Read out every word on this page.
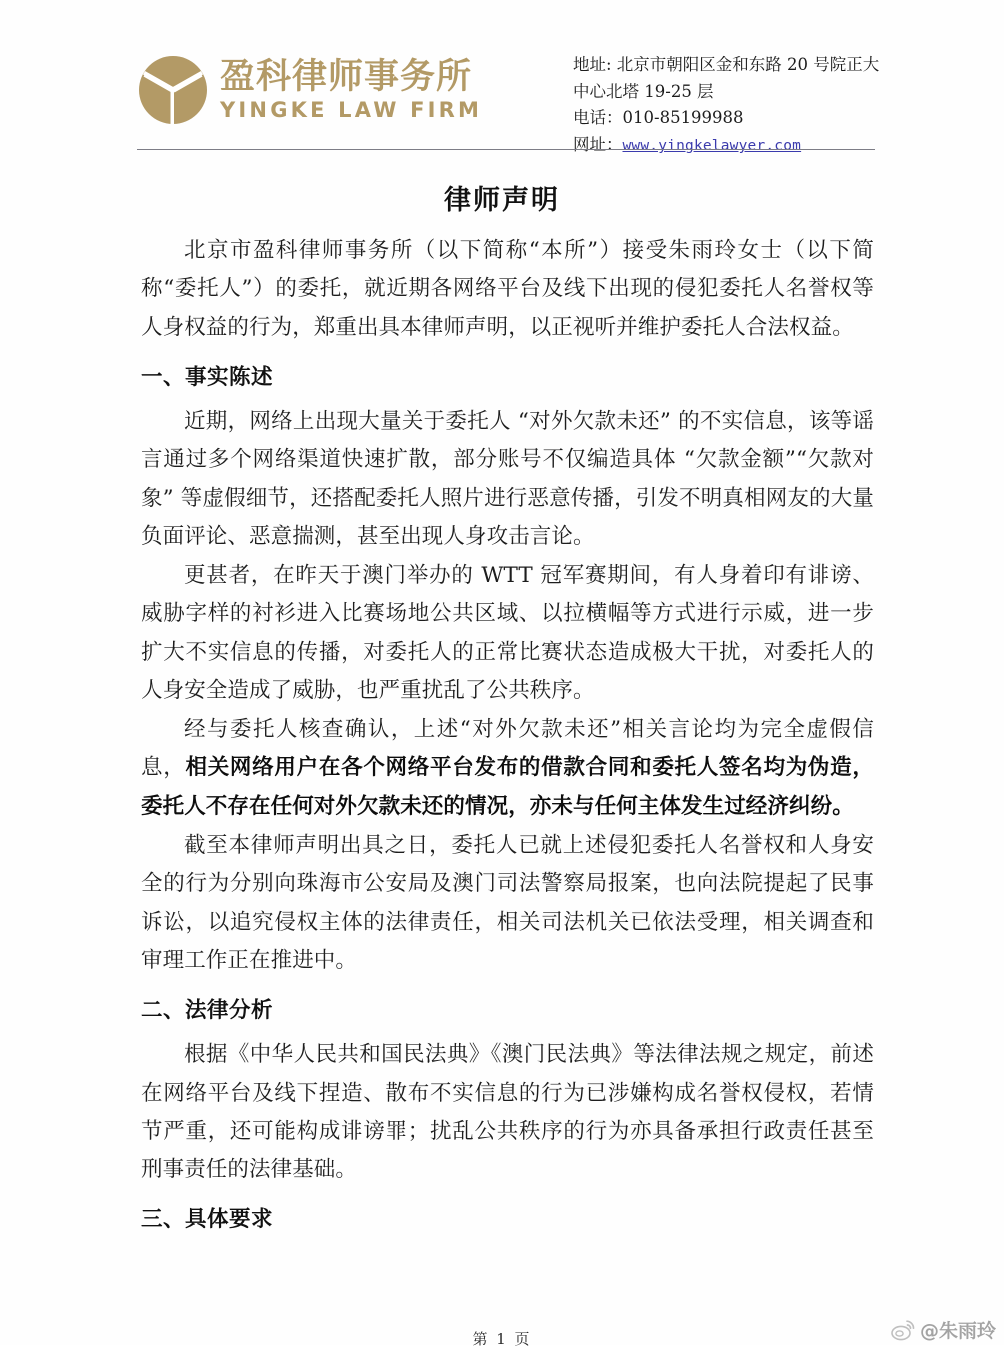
盈科律师事务所
YINGKE LAW FIRM
地址: 北京市朝阳区金和东路 20 号院正大
中心北塔 19-25 层
电话：010-85199988
网址：www.yingkelawyer.com
律师声明

北京市盈科律师事务所（以下简称“本所”）接受朱雨玲女士（以下简称“委托人”）的委托，就近期各网络平台及线下出现的侵犯委托人名誉权等人身权益的行为，郑重出具本律师声明，以正视听并维护委托人合法权益。

一、事实陈述

近期，网络上出现大量关于委托人 “对外欠款未还” 的不实信息，该等谣言通过多个网络渠道快速扩散，部分账号不仅编造具体 “欠款金额”“欠款对象” 等虚假细节，还搭配委托人照片进行恶意传播，引发不明真相网友的大量负面评论、恶意揣测，甚至出现人身攻击言论。

更甚者，在昨天于澳门举办的 WTT 冠军赛期间，有人身着印有诽谤、威胁字样的衬衫进入比赛场地公共区域、以拉横幅等方式进行示威，进一步扩大不实信息的传播，对委托人的正常比赛状态造成极大干扰，对委托人的人身安全造成了威胁，也严重扰乱了公共秩序。

经与委托人核查确认，上述“对外欠款未还”相关言论均为完全虚假信息，相关网络用户在各个网络平台发布的借款合同和委托人签名均为伪造，委托人不存在任何对外欠款未还的情况，亦未与任何主体发生过经济纠纷。

截至本律师声明出具之日，委托人已就上述侵犯委托人名誉权和人身安全的行为分别向珠海市公安局及澳门司法警察局报案，也向法院提起了民事诉讼，以追究侵权主体的法律责任，相关司法机关已依法受理，相关调查和审理工作正在推进中。

二、法律分析

根据《中华人民共和国民法典》《澳门民法典》等法律法规之规定，前述在网络平台及线下捏造、散布不实信息的行为已涉嫌构成名誉权侵权，若情节严重，还可能构成诽谤罪；扰乱公共秩序的行为亦具备承担行政责任甚至刑事责任的法律基础。

三、具体要求
第 1 页	@朱雨玲
